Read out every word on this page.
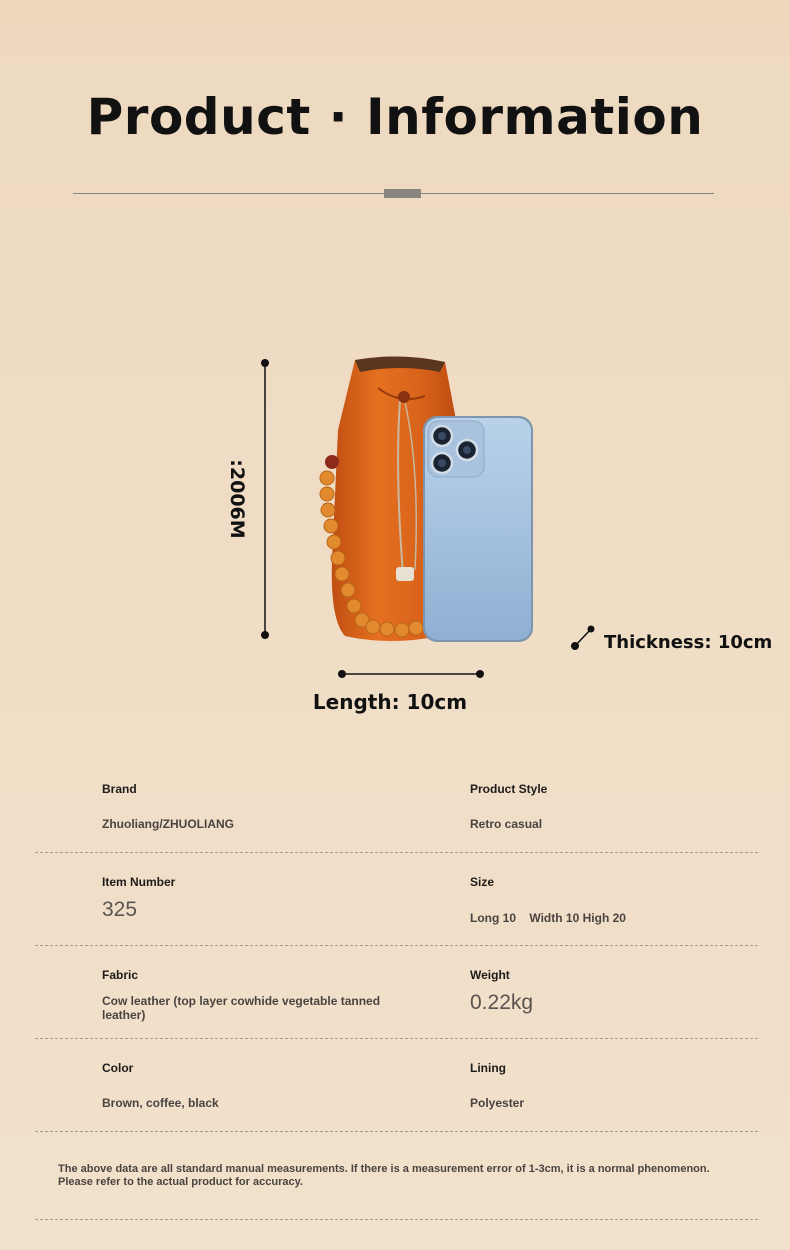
Product · Information
:2006M
Length: 10cm
Thickness: 10cm
Brand
Zhuoliang/ZHUOLIANG
Product Style
Retro casual
Item Number
325
Size
Long 10 Width 10 High 20
Fabric
Cow leather (top layer cowhide vegetable tanned leather)
Weight
0.22kg
Color
Brown, coffee, black
Lining
Polyester
The above data are all standard manual measurements. If there is a measurement error of 1-3cm, it is a normal phenomenon. Please refer to the actual product for accuracy.
